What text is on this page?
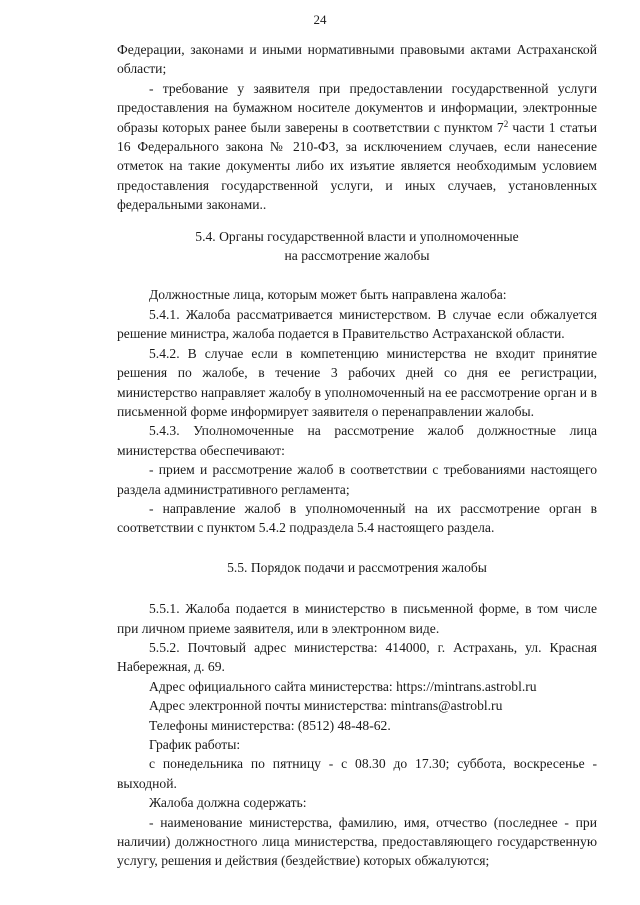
24

Федерации, законами и иными нормативными правовыми актами Астраханской области;

- требование у заявителя при предоставлении государственной услуги предоставления на бумажном носителе документов и информации, электронные образы которых ранее были заверены в соответствии с пунктом $7^2$ части 1 статьи 16 Федерального закона № 210-ФЗ, за исключением случаев, если нанесение отметок на такие документы либо их изъятие является необходимым условием предоставления государственной услуги, и иных случаев, установленных федеральными законами..

5.4. Органы государственной власти и уполномоченные

на рассмотрение жалобы

Должностные лица, которым может быть направлена жалоба:

5.4.1. Жалоба рассматривается министерством. В случае если обжалуется решение министра, жалоба подается в Правительство Астраханской области.

5.4.2. В случае если в компетенцию министерства не входит принятие решения по жалобе, в течение 3 рабочих дней со дня ее регистрации, министерство направляет жалобу в уполномоченный на ее рассмотрение орган и в письменной форме информирует заявителя о перенаправлении жалобы.

5.4.3. Уполномоченные на рассмотрение жалоб должностные лица министерства обеспечивают:

- прием и рассмотрение жалоб в соответствии с требованиями настоящего раздела административного регламента;

- направление жалоб в уполномоченный на их рассмотрение орган в соответствии с пунктом 5.4.2 подраздела 5.4 настоящего раздела.

5.5. Порядок подачи и рассмотрения жалобы

5.5.1. Жалоба подается в министерство в письменной форме, в том числе при личном приеме заявителя, или в электронном виде.

5.5.2. Почтовый адрес министерства: 414000, г. Астрахань, ул. Красная Набережная, д. 69.

Адрес официального сайта министерства: https://mintrans.astrobl.ru

Адрес электронной почты министерства: mintrans@astrobl.ru

Телефоны министерства: (8512) 48-48-62.

График работы:

с понедельника по пятницу - с 08.30 до 17.30; суббота, воскресенье - выходной.

Жалоба должна содержать:

- наименование министерства, фамилию, имя, отчество (последнее - при наличии) должностного лица министерства, предоставляющего государственную услугу, решения и действия (бездействие) которых обжалуются;
